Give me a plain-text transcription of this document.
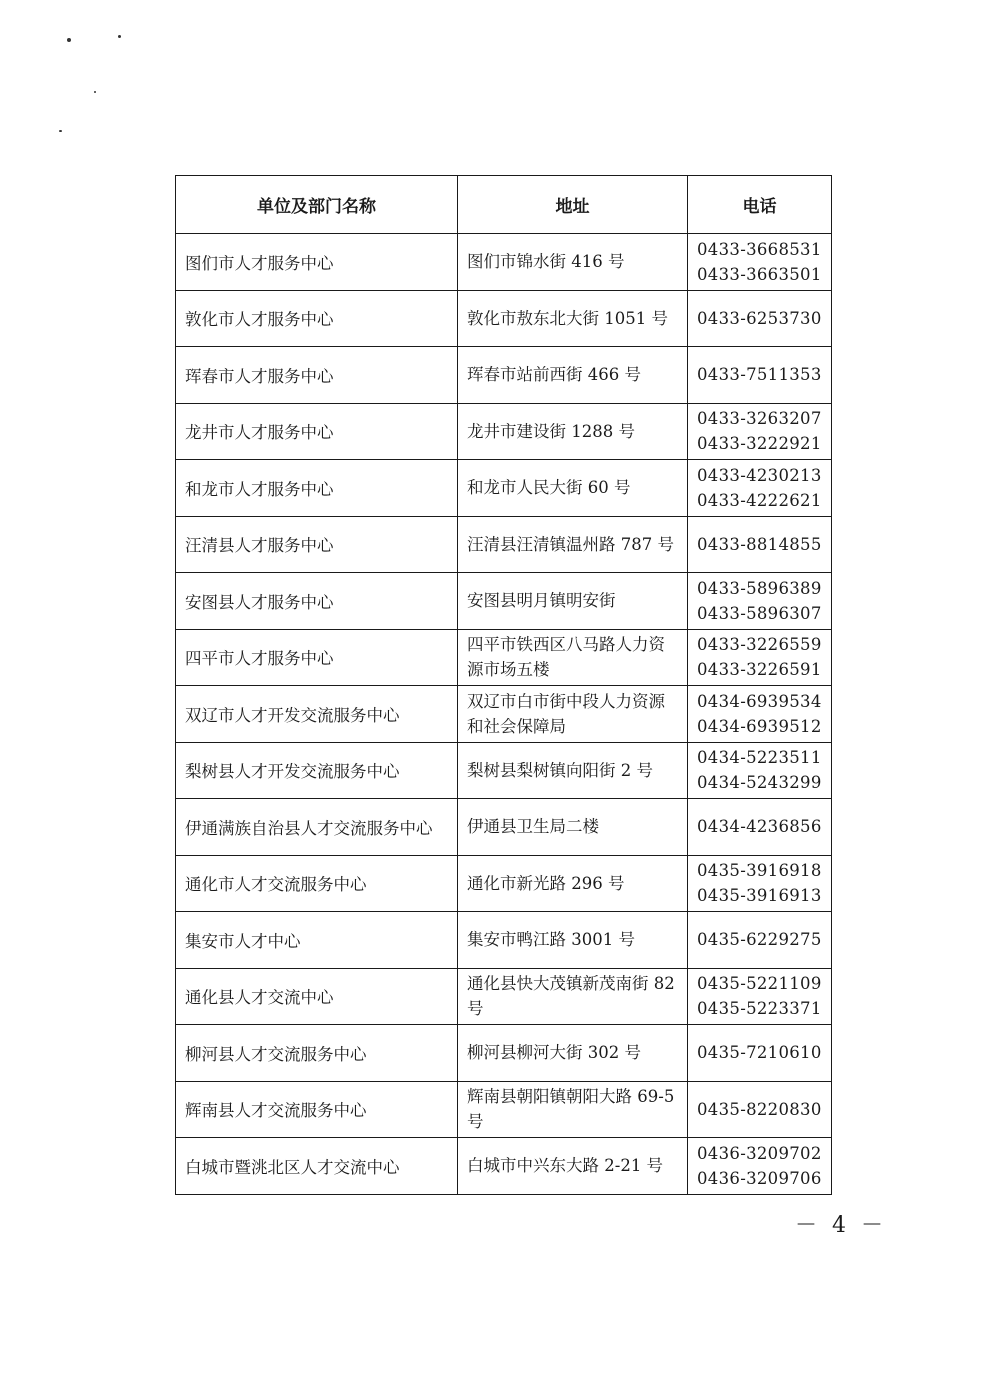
单位及部门名称	地址	电话
图们市人才服务中心	图们市锦水街 416 号	0433-3668531
0433-3663501

敦化市人才服务中心	敦化市敖东北大街 1051 号	0433-6253730

珲春市人才服务中心	珲春市站前西街 466 号	0433-7511353

龙井市人才服务中心	龙井市建设街 1288 号	0433-3263207
0433-3222921

和龙市人才服务中心	和龙市人民大街 60 号	0433-4230213
0433-4222621

汪清县人才服务中心	汪清县汪清镇温州路 787 号	0433-8814855

安图县人才服务中心	安图县明月镇明安街	0433-5896389
0433-5896307

四平市人才服务中心	四平市铁西区八马路人力资源市场五楼	0433-3226559
0433-3226591

双辽市人才开发交流服务中心	双辽市白市街中段人力资源和社会保障局	0434-6939534
0434-6939512

梨树县人才开发交流服务中心	梨树县梨树镇向阳街 2 号	0434-5223511
0434-5243299

伊通满族自治县人才交流服务中心	伊通县卫生局二楼	0434-4236856

通化市人才交流服务中心	通化市新光路 296 号	0435-3916918
0435-3916913

集安市人才中心	集安市鸭江路 3001 号	0435-6229275

通化县人才交流中心	通化县快大茂镇新茂南街 82 号	0435-5221109
0435-5223371

柳河县人才交流服务中心	柳河县柳河大街 302 号	0435-7210610

辉南县人才交流服务中心	辉南县朝阳镇朝阳大路 69-5 号	0435-8220830

白城市暨洮北区人才交流中心	白城市中兴东大路 2-21 号	0436-3209702
0436-3209706
－ 4 －
